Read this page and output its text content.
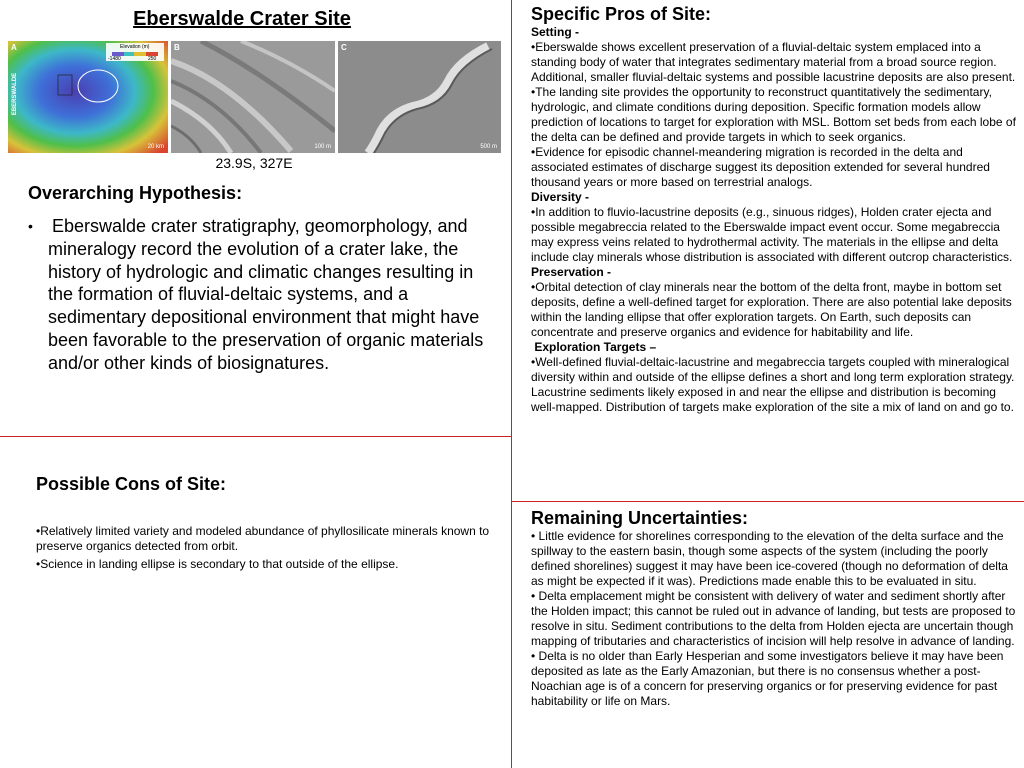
Eberswalde Crater Site
A	Elevation (m)
-1480	250
EBERSWALDE
20 km
B
100 m
C
500 m
23.9S, 327E
Overarching Hypothesis:
• Eberswalde crater stratigraphy, geomorphology, and mineralogy record the evolution of a crater lake, the history of hydrologic and climatic changes resulting in the formation of fluvial-deltaic systems, and a sedimentary depositional environment that might have been favorable to the preservation of organic materials and/or other kinds of biosignatures.
Possible Cons of Site:

•Relatively limited variety and modeled abundance of phyllosilicate minerals known to preserve organics detected from orbit.

•Science in landing ellipse is secondary to that outside of the ellipse.

Specific Pros of Site:

Setting -

•Eberswalde shows excellent preservation of a fluvial-deltaic system emplaced into a standing body of water that integrates sedimentary material from a broad source region. Additional, smaller fluvial-deltaic systems and possible lacustrine deposits are also present.

•The landing site provides the opportunity to reconstruct quantitatively the sedimentary, hydrologic, and climate conditions during deposition. Specific formation models allow prediction of locations to target for exploration with MSL. Bottom set beds from each lobe of the delta can be defined and provide targets in which to seek organics.

•Evidence for episodic channel-meandering migration is recorded in the delta and associated estimates of discharge suggest its deposition extended for several hundred thousand years or more based on terrestrial analogs.

Diversity -

•In addition to fluvio-lacustrine deposits (e.g., sinuous ridges), Holden crater ejecta and possible megabreccia related to the Eberswalde impact event occur. Some megabreccia may express veins related to hydrothermal activity. The materials in the ellipse and delta include clay minerals whose distribution is associated with different outcrop characteristics.

Preservation -

•Orbital detection of clay minerals near the bottom of the delta front, maybe in bottom set deposits, define a well-defined target for exploration. There are also potential lake deposits within the landing ellipse that offer exploration targets. On Earth, such deposits can concentrate and preserve organics and evidence for habitability and life.

Exploration Targets –

•Well-defined fluvial-deltaic-lacustrine and megabreccia targets coupled with mineralogical diversity within and outside of the ellipse defines a short and long term exploration strategy. Lacustrine sediments likely exposed in and near the ellipse and distribution is becoming well-mapped. Distribution of targets make exploration of the site a mix of land on and go to.

Remaining Uncertainties:

• Little evidence for shorelines corresponding to the elevation of the delta surface and the spillway to the eastern basin, though some aspects of the system (including the poorly defined shorelines) suggest it may have been ice-covered (though no deformation of delta as might be expected if it was). Predictions made enable this to be evaluated in situ.

• Delta emplacement might be consistent with delivery of water and sediment shortly after the Holden impact; this cannot be ruled out in advance of landing, but tests are proposed to resolve in situ. Sediment contributions to the delta from Holden ejecta are uncertain though mapping of tributaries and characteristics of incision will help resolve in advance of landing.

• Delta is no older than Early Hesperian and some investigators believe it may have been deposited as late as the Early Amazonian, but there is no consensus whether a post-Noachian age is of a concern for preserving organics or for preserving evidence for past habitability or life on Mars.
